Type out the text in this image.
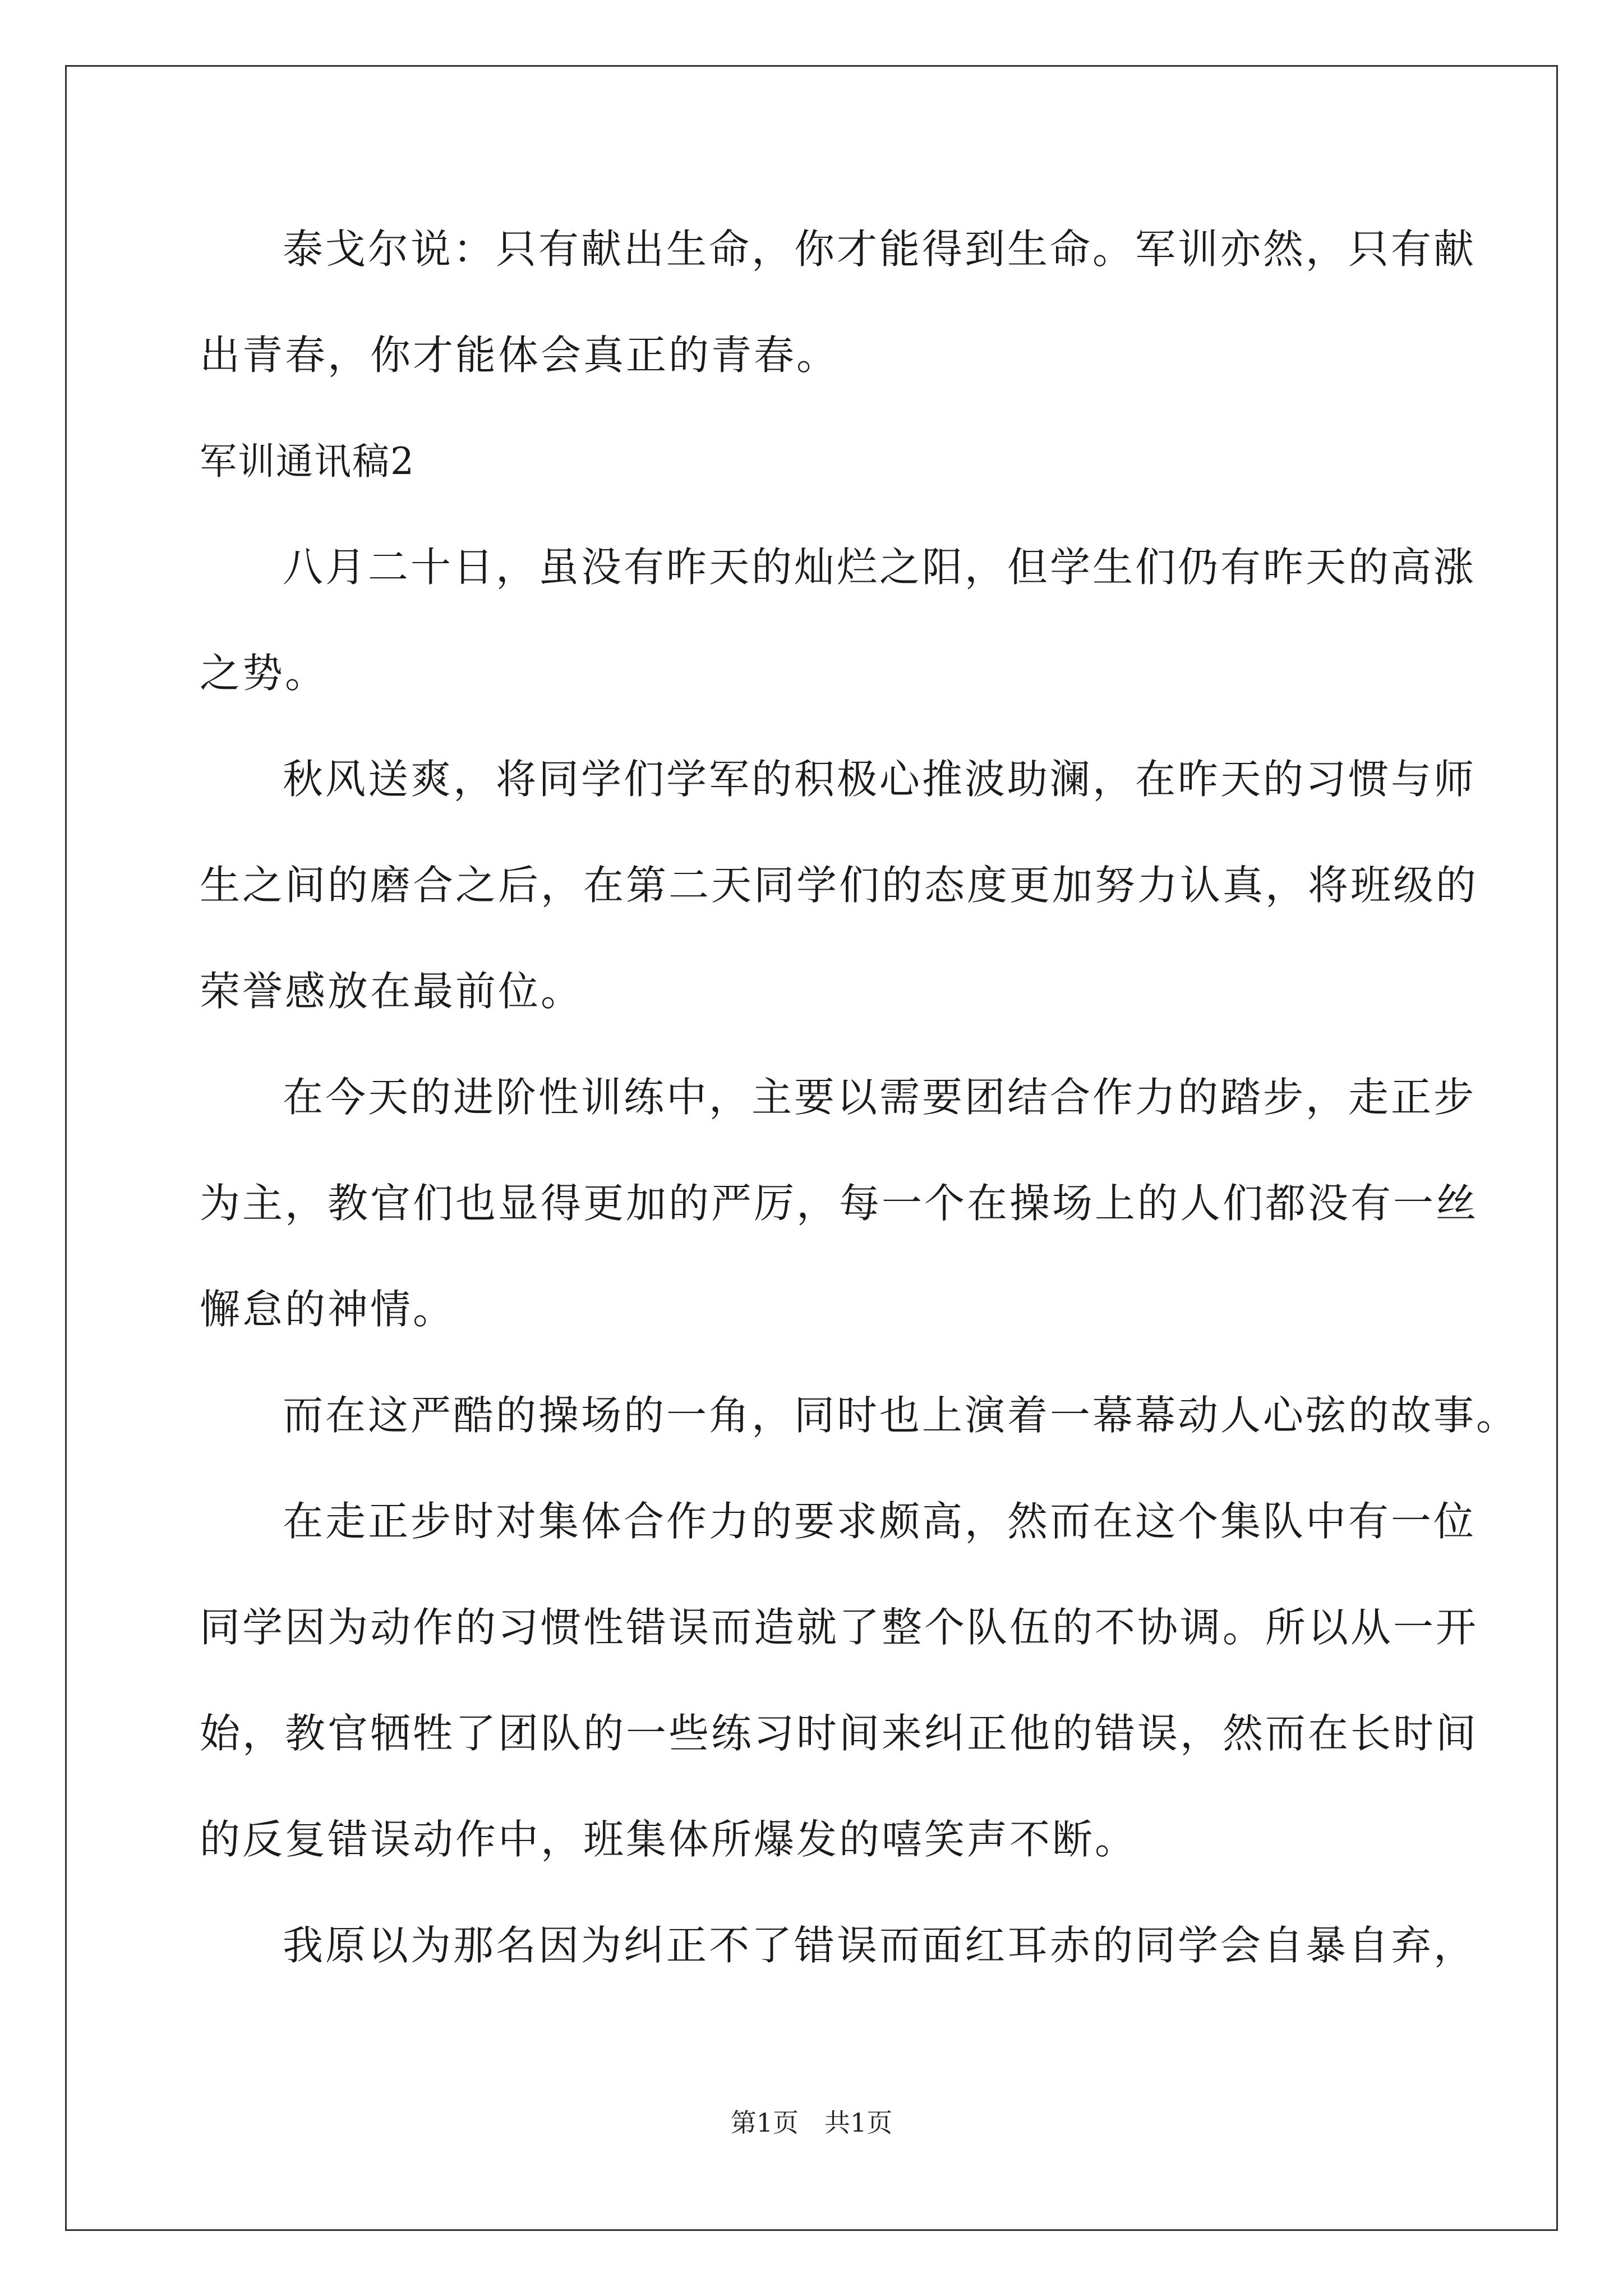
泰戈尔说：只有献出生命，你才能得到生命。军训亦然，只有献

出青春，你才能体会真正的青春。

军训通讯稿2

八月二十日，虽没有昨天的灿烂之阳，但学生们仍有昨天的高涨

之势。

秋风送爽，将同学们学军的积极心推波助澜，在昨天的习惯与师

生之间的磨合之后，在第二天同学们的态度更加努力认真，将班级的

荣誉感放在最前位。

在今天的进阶性训练中，主要以需要团结合作力的踏步，走正步

为主，教官们也显得更加的严厉，每一个在操场上的人们都没有一丝

懈怠的神情。

而在这严酷的操场的一角，同时也上演着一幕幕动人心弦的故事。

在走正步时对集体合作力的要求颇高，然而在这个集队中有一位

同学因为动作的习惯性错误而造就了整个队伍的不协调。所以从一开

始，教官牺牲了团队的一些练习时间来纠正他的错误，然而在长时间

的反复错误动作中，班集体所爆发的嘻笑声不断。

我原以为那名因为纠正不了错误而面红耳赤的同学会自暴自弃，

第1页　共1页
